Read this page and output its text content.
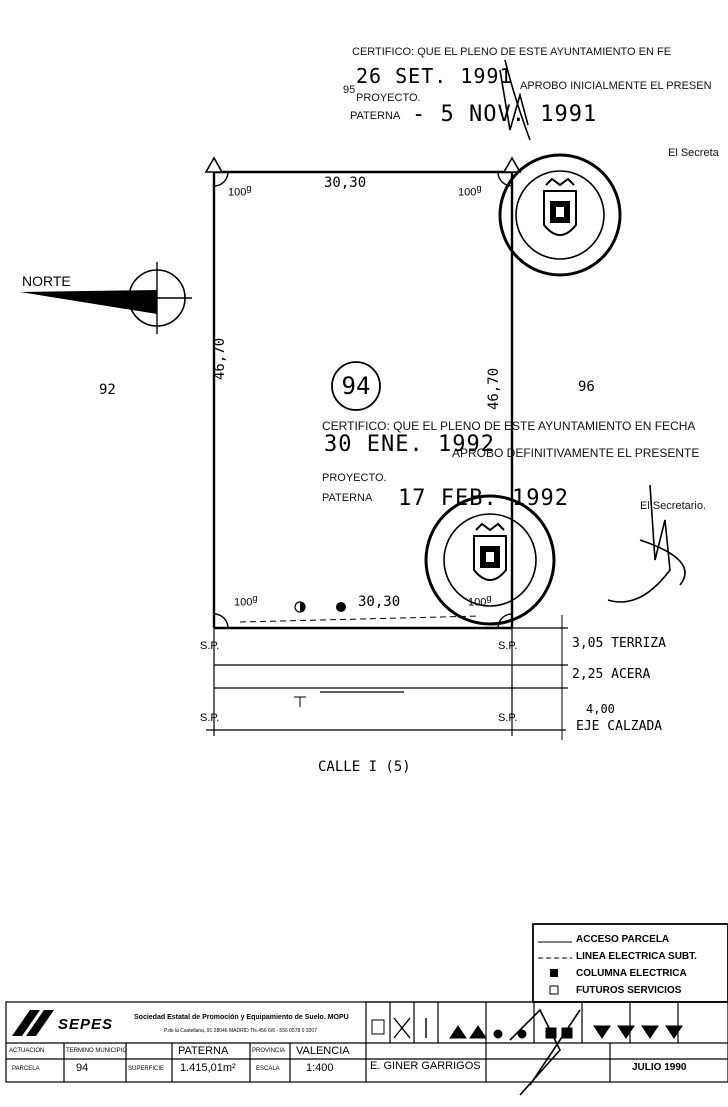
CERTIFICO: QUE EL PLENO DE ESTE AYUNTAMIENTO EN FE
26 SET. 1991 APROBO INICIALMENTE EL PRESEN
95
PROYECTO.
PATERNA - 5 NOV. 1991
El Secreta
100$^g$	30,30
100$^g$
NORTE
92	96
46,70
46,70
94
CERTIFICO: QUE EL PLENO DE ESTE AYUNTAMIENTO EN FECHA
30 ENE. 1992
APROBO DEFINITIVAMENTE EL PRESENTE
PROYECTO.
PATERNA 17 FEB. 1992	El Secretario.
100$^g$	30,30	100$^g$
S.P.	S.P.
S.P.	S.P.
3,05 TERRIZA
2,25 ACERA
4,00
EJE CALZADA
CALLE I (5)
ACCESO PARCELA
LINEA ELECTRICA SUBT.
COLUMNA ELECTRICA
FUTUROS SERVICIOS
SEPES	Sociedad Estatal de Promoción y Equipamiento de Suelo. MOPU
P.de la Castellana, 91 28046 MADRID Tfs.456 6/6 - 556 0578 0 3207
ACTUACION	TERMINO MUNICIPIO	PATERNA	PROVINCIA VALENCIA
PARCELA	94	SUPERFICIE 1.415,01m²	ESCALA 1:400	E. GINER GARRIGOS	JULIO 1990
